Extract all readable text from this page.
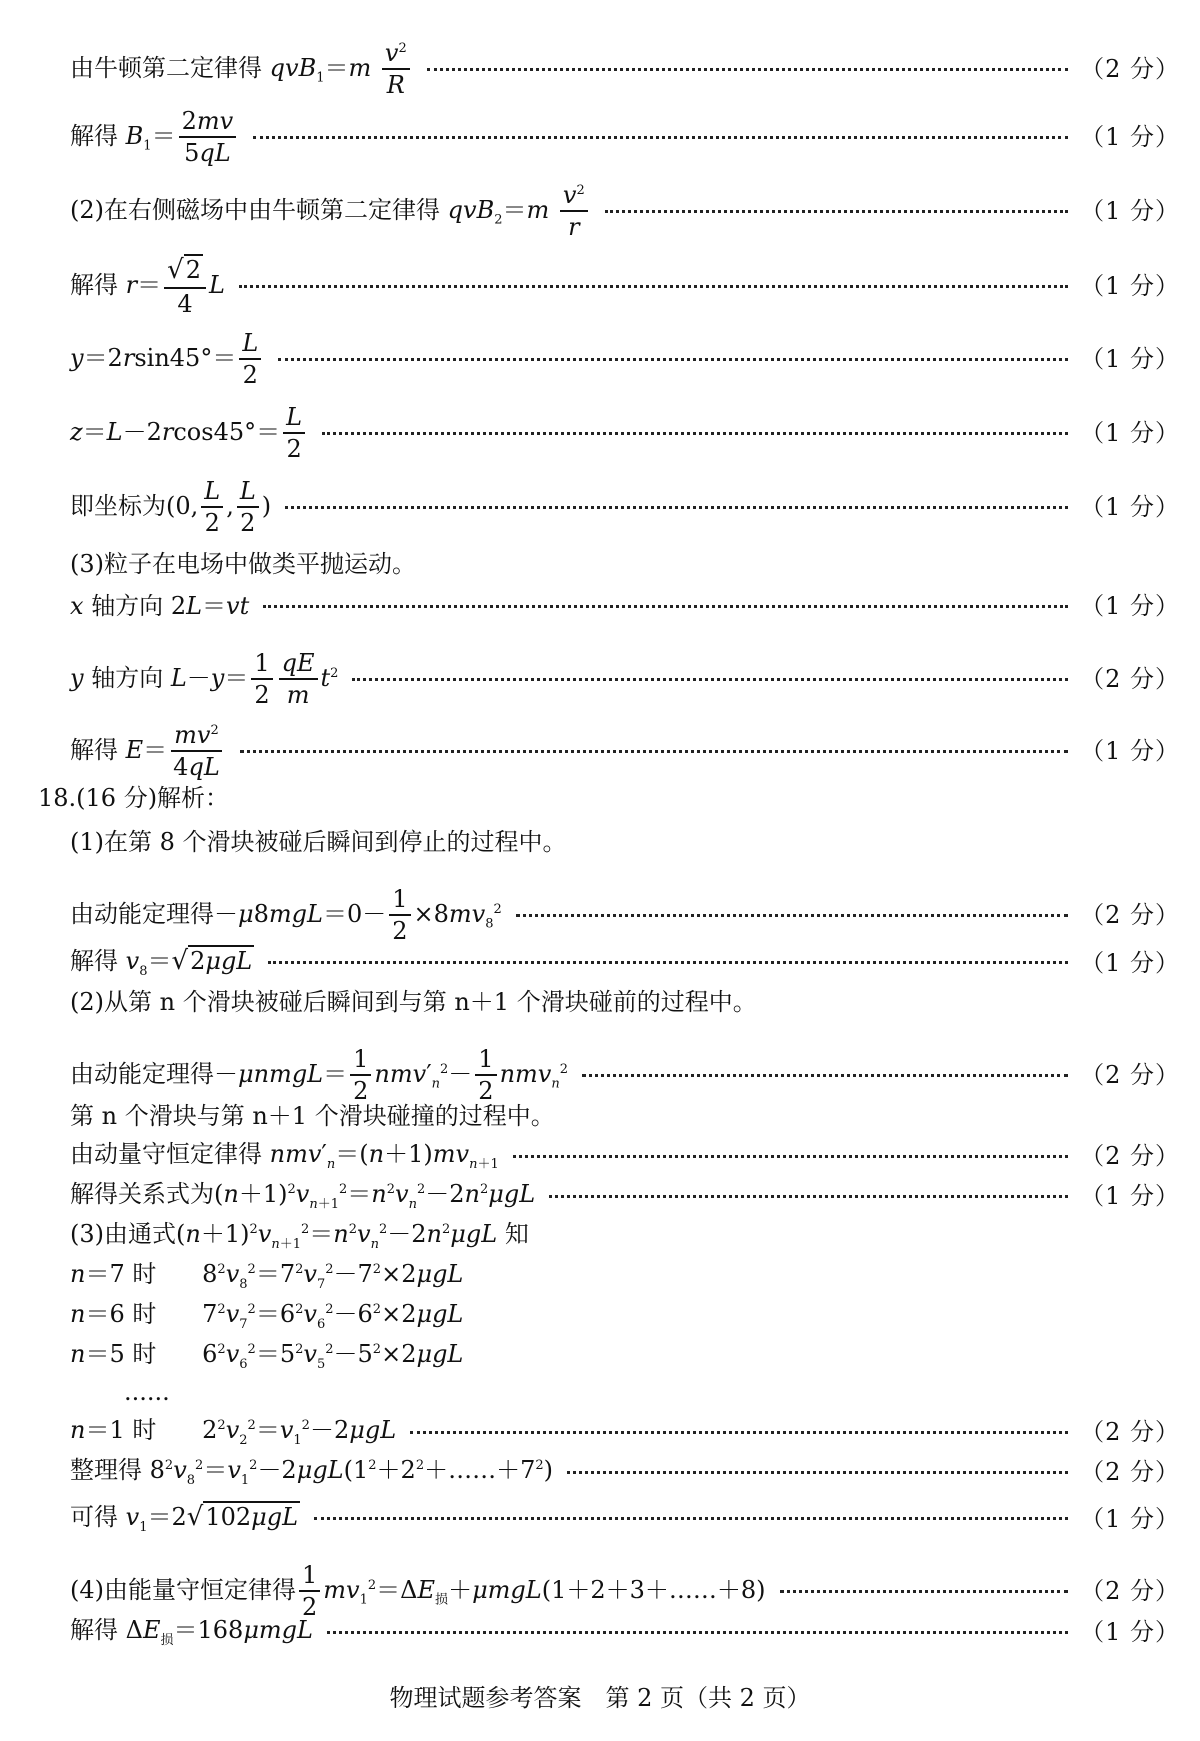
由牛顿第二定律得 $qvB_1=m \frac{v^2}{R}$	（2 分）
解得 $B_1= \frac{2mv}{5qL}$	（1 分）
(2)在右侧磁场中由牛顿第二定律得 $qvB_2=m \frac{v^2}{r}$	（1 分）
解得 $r= \frac{√2}{4}$ L	（1 分）
$y=2rsin45^\circ= \frac{L}{2}$	（1 分）
$z=L-2rcos45^\circ= \frac{L}{2}$	（1 分）
即坐标为(0, $\frac{L}{2}$ , $\frac{L}{2}$ )	（1 分）
(3)粒子在电场中做类平抛运动。
x 轴方向 2L＝vt	（1 分）
y 轴方向 $L-y= \frac{1}{2} \frac{qE}{m} t^2$	（2 分）
解得 $E= \frac{mv^2}{4qL}$	（1 分）
18.(16 分)解析：
(1)在第 8 个滑块被碰后瞬间到停止的过程中。
由动能定理得$-\mu 8mgL=0- \frac{1}{2} \times 8mv_8^2$	（2 分）
解得 $v_8=√2\mu gL$	（1 分）
(2)从第 n 个滑块被碰后瞬间到与第 n＋1 个滑块碰前的过程中。
由动能定理得－μnmgL＝ $\frac{1}{2} nmv'_n^2- \frac{1}{2} nmv_n^2$	（2 分）
第 n 个滑块与第 n＋1 个滑块碰撞的过程中。
由动量守恒定律得 $nmv'_n=(n+1)mv_{n+1}$	（2 分）
解得关系式为$(n+1)^2v_{n+1}^2=n^2v_n^2-2n^2\mu gL$	（1 分）
(3)由通式$(n+1)^2v_{n+1}^2=n^2v_n^2-2n^2\mu gL$ 知
n＝7 时      $8^2v_8^2=7^2v_7^2-7^2\times 2\mu gL$
n＝6 时      $7^2v_7^2=6^2v_6^2-6^2\times 2\mu gL$
n＝5 时      $6^2v_6^2=5^2v_5^2-5^2\times 2\mu gL$
......
n＝1 时      $2^2v_2^2=v_1^2-2\mu gL$	（2 分）
整理得 $8^2v_8^2=v_1^2-2\mu gL(1^2+2^2+\dots\dots+7^2)$	（2 分）
可得 $v_1=2√102\mu gL$	（1 分）
(4)由能量守恒定律得 $\frac{1}{2}$ $mv_1^2=\Delta E_损+\mu mgL(1+2+3+\dots\dots+8)$	（2 分）
解得 $\Delta E_损=168\mu mgL$	（1 分）
物理试题参考答案　第 2 页（共 2 页）
